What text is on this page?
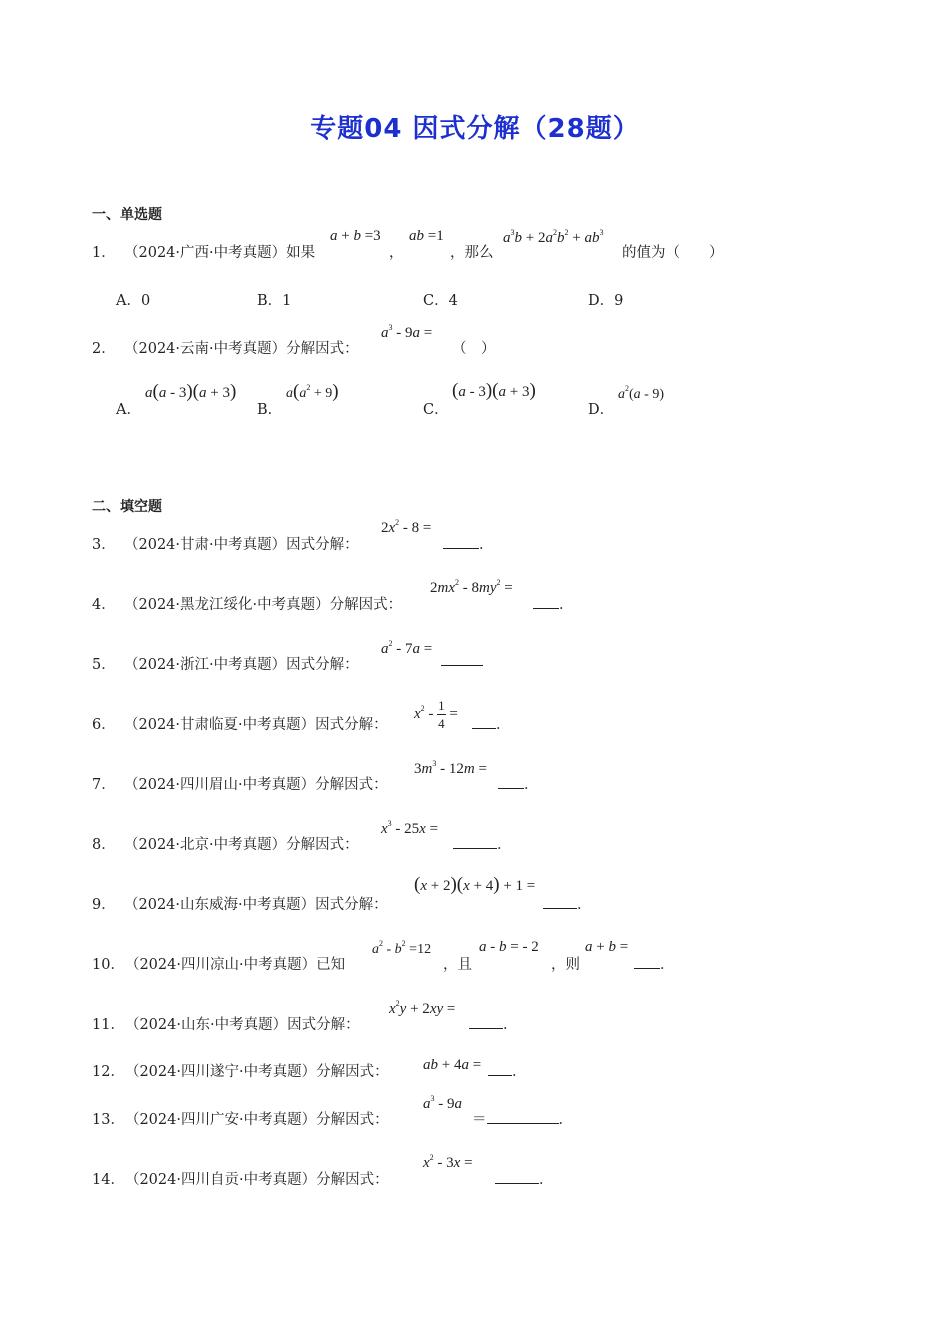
专题04 因式分解（28题）
一、单选题
1． （2024·广西·中考真题）如果
a + b =3
，
ab =1
，那么
$a^3b + 2a^2b^2 + ab^3$
的值为（　　）
A．0	B．1	C．4	D．9
2． （2024·云南·中考真题）分解因式：
$a^3 - 9a$ =
（　）
A．
a(a - 3)(a + 3)
B．
$a(a^2 + 9)$
C．
(a - 3)(a + 3)
D．
$a^2(a - 9)$
二、填空题
3． （2024·甘肃·中考真题）因式分解：
$2x^2 - 8$ =
．
4． （2024·黑龙江绥化·中考真题）分解因式：
$2mx^2 - 8my^2$ =
．
5． （2024·浙江·中考真题）因式分解：
$a^2 - 7a$ =
6． （2024·甘肃临夏·中考真题）因式分解：
$x^2 - \frac{1}{4}$ =
．
7． （2024·四川眉山·中考真题）分解因式：
$3m^3 - 12m$ =
．
8． （2024·北京·中考真题）分解因式：
$x^3 - 25x$ =
．
9． （2024·山东威海·中考真题）因式分解：
(x + 2)(x + 4) + 1 =
．
10．（2024·四川凉山·中考真题）已知
$a^2 - b^2 =12$
，且
a - b = - 2
，则
a + b =
．
11．（2024·山东·中考真题）因式分解：
$x^2y + 2xy$ =
．
12．（2024·四川遂宁·中考真题）分解因式： ab + 4a =	．
13．（2024·四川广安·中考真题）分解因式：
$a^3 - 9a$
＝	．
14．（2024·四川自贡·中考真题）分解因式：
$x^2 - 3x$ =
．
